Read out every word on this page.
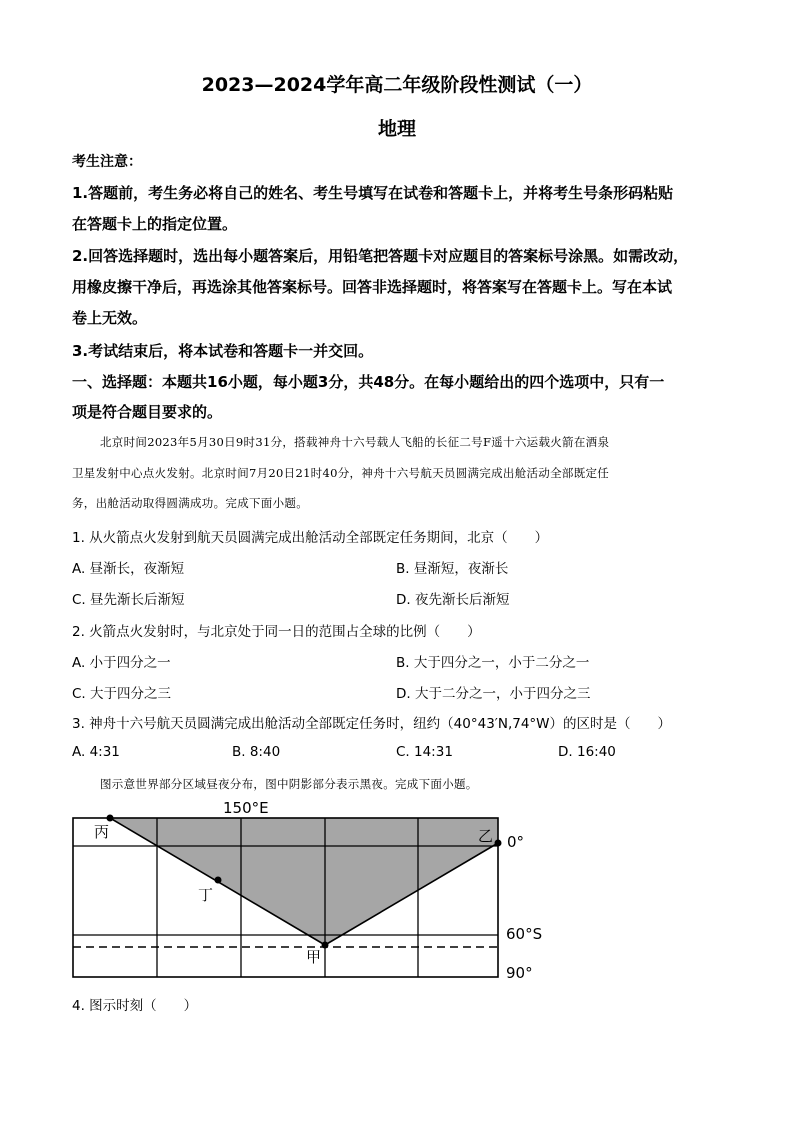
2023—2024学年高二年级阶段性测试（一）
地理
考生注意：
1.答题前，考生务必将自己的姓名、考生号填写在试卷和答题卡上，并将考生号条形码粘贴
在答题卡上的指定位置。
2.回答选择题时，选出每小题答案后，用铅笔把答题卡对应题目的答案标号涂黑。如需改动，
用橡皮擦干净后，再选涂其他答案标号。回答非选择题时，将答案写在答题卡上。写在本试
卷上无效。
3.考试结束后，将本试卷和答题卡一并交回。
一、选择题：本题共16小题，每小题3分，共48分。在每小题给出的四个选项中，只有一
项是符合题目要求的。
北京时间2023年5月30日9时31分，搭载神舟十六号载人飞船的长征二号F遥十六运载火箭在酒泉
卫星发射中心点火发射。北京时间7月20日21时40分，神舟十六号航天员圆满完成出舱活动全部既定任
务，出舱活动取得圆满成功。完成下面小题。
1. 从火箭点火发射到航天员圆满完成出舱活动全部既定任务期间，北京（　　）
A. 昼渐长，夜渐短	B. 昼渐短，夜渐长
C. 昼先渐长后渐短	D. 夜先渐长后渐短
2. 火箭点火发射时，与北京处于同一日的范围占全球的比例（　　）
A. 小于四分之一	B. 大于四分之一，小于二分之一
C. 大于四分之三	D. 大于二分之一，小于四分之三
3. 神舟十六号航天员圆满完成出舱活动全部既定任务时，纽约（40°43′N,74°W）的区时是（　　）
A. 4:31	B. 8:40	C. 14:31	D. 16:40
图示意世界部分区域昼夜分布，图中阴影部分表示黑夜。完成下面小题。
150°E
0°
60°S
90°
丙	乙
丁
甲
4. 图示时刻（　　）
